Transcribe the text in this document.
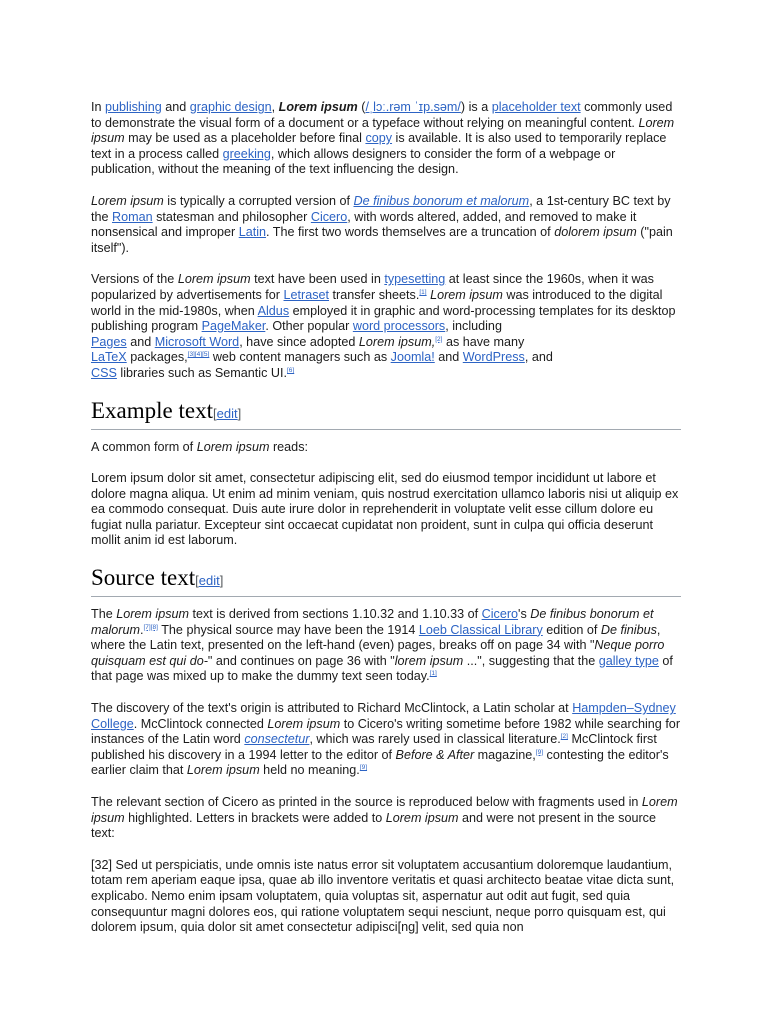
In publishing and graphic design, Lorem ipsum (/ˌlɔː.rəm ˈɪp.səm/) is a placeholder text commonly used to demonstrate the visual form of a document or a typeface without relying on meaningful content. Lorem ipsum may be used as a placeholder before final copy is available. It is also used to temporarily replace text in a process called greeking, which allows designers to consider the form of a webpage or publication, without the meaning of the text influencing the design.

Lorem ipsum is typically a corrupted version of De finibus bonorum et malorum, a 1st-century BC text by the Roman statesman and philosopher Cicero, with words altered, added, and removed to make it nonsensical and improper Latin. The first two words themselves are a truncation of dolorem ipsum ("pain itself").

Versions of the Lorem ipsum text have been used in typesetting at least since the 1960s, when it was popularized by advertisements for Letraset transfer sheets.[1] Lorem ipsum was introduced to the digital world in the mid-1980s, when Aldus employed it in graphic and word-processing templates for its desktop publishing program PageMaker. Other popular word processors, including
Pages and Microsoft Word, have since adopted Lorem ipsum,[2] as have many
LaTeX packages,[3][4][5] web content managers such as Joomla! and WordPress, and
CSS libraries such as Semantic UI.[6]

Example text[edit]

A common form of Lorem ipsum reads:

Lorem ipsum dolor sit amet, consectetur adipiscing elit, sed do eiusmod tempor incididunt ut labore et dolore magna aliqua. Ut enim ad minim veniam, quis nostrud exercitation ullamco laboris nisi ut aliquip ex ea commodo consequat. Duis aute irure dolor in reprehenderit in voluptate velit esse cillum dolore eu fugiat nulla pariatur. Excepteur sint occaecat cupidatat non proident, sunt in culpa qui officia deserunt mollit anim id est laborum.

Source text[edit]

The Lorem ipsum text is derived from sections 1.10.32 and 1.10.33 of Cicero's De finibus bonorum et malorum.[7][8] The physical source may have been the 1914 Loeb Classical Library edition of De finibus, where the Latin text, presented on the left-hand (even) pages, breaks off on page 34 with "Neque porro quisquam est qui do-" and continues on page 36 with "lorem ipsum ...", suggesting that the galley type of that page was mixed up to make the dummy text seen today.[1]

The discovery of the text's origin is attributed to Richard McClintock, a Latin scholar at Hampden–Sydney College. McClintock connected Lorem ipsum to Cicero's writing sometime before 1982 while searching for instances of the Latin word consectetur, which was rarely used in classical literature.[2] McClintock first published his discovery in a 1994 letter to the editor of Before & After magazine,[9] contesting the editor's earlier claim that Lorem ipsum held no meaning.[9]

The relevant section of Cicero as printed in the source is reproduced below with fragments used in Lorem ipsum highlighted. Letters in brackets were added to Lorem ipsum and were not present in the source text:

[32] Sed ut perspiciatis, unde omnis iste natus error sit voluptatem accusantium doloremque laudantium, totam rem aperiam eaque ipsa, quae ab illo inventore veritatis et quasi architecto beatae vitae dicta sunt, explicabo. Nemo enim ipsam voluptatem, quia voluptas sit, aspernatur aut odit aut fugit, sed quia consequuntur magni dolores eos, qui ratione voluptatem sequi nesciunt, neque porro quisquam est, qui dolorem ipsum, quia dolor sit amet consectetur adipisci[ng] velit, sed quia non
